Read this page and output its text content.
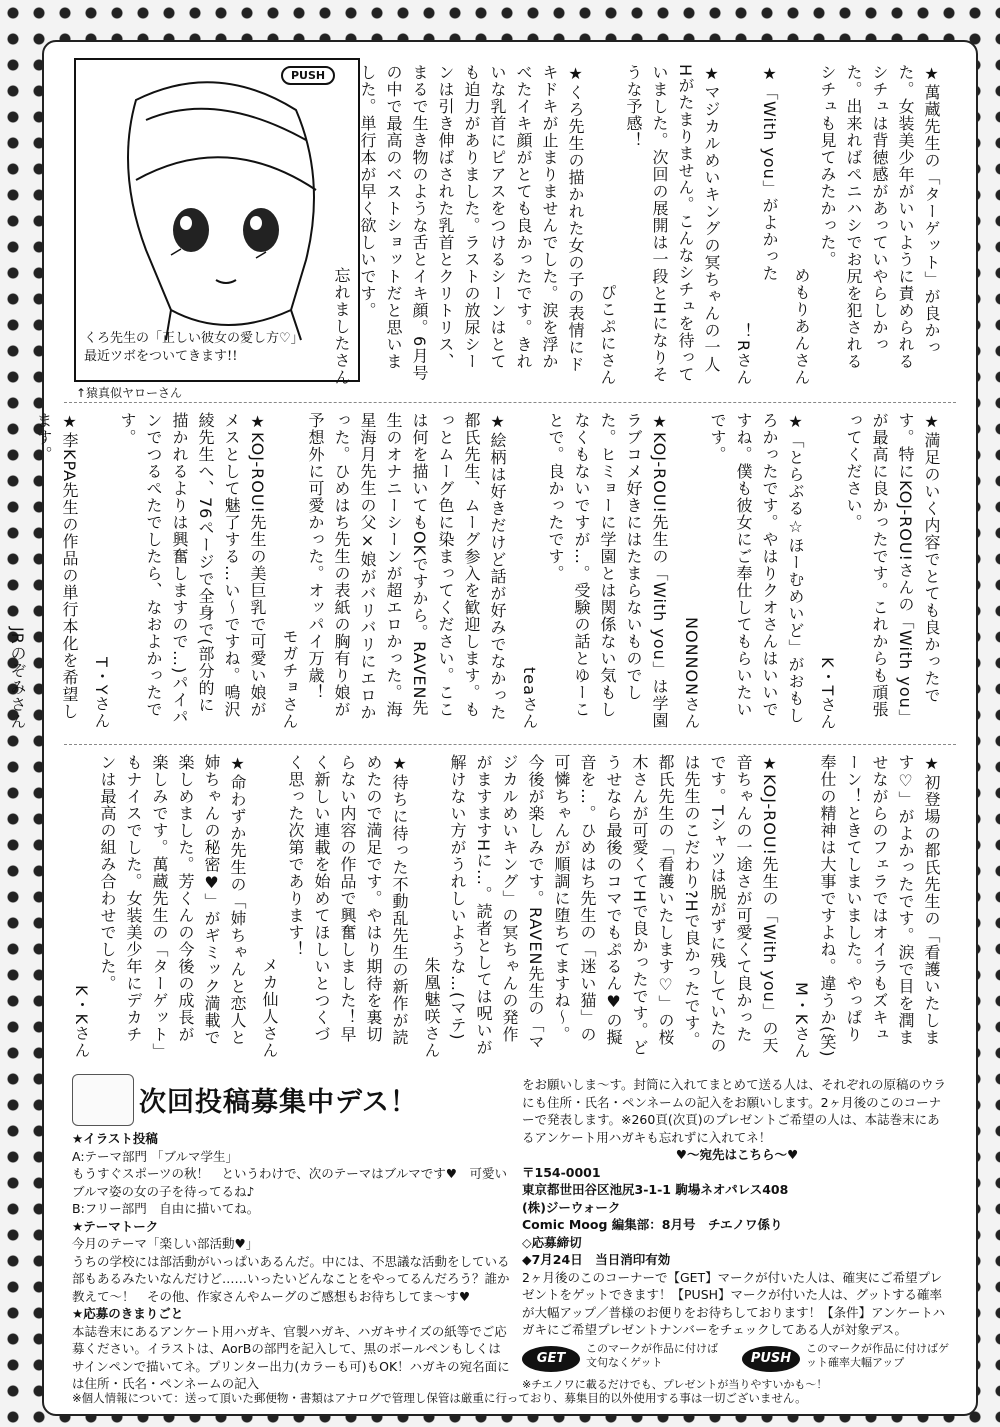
PUSH
くろ先生の「正しい彼女の愛し方♡」
最近ツボをついてきます!!
↑猿真似ヤローさん

★萬蔵先生の「ターゲット」が良かった。女装美少年がいいように責められるシチュは背徳感があっていやらしかった。出来ればペニハシでお尻を犯されるシチュも見てみたかった。

めもりあんさん

★「With you」がよかった

！Rさん

★マジカルめいキングの冥ちゃんの一人Hがたまりません。こんなシチュを待っていました。次回の展開は一段とHになりそうな予感！

ぴこぷにさん

★くろ先生の描かれた女の子の表情にドキドキが止まりませんでした。涙を浮かべたイキ顔がとても良かったです。きれいな乳首にピアスをつけるシーンはとても迫力がありました。ラストの放尿シーンは引き伸ばされた乳首とクリトリス、まるで生き物のような舌とイキ顔。6月号の中で最高のベストショットだと思いました。単行本が早く欲しいです。

忘れましたさん

★満足のいく内容でとても良かったです。特にKOJ-ROU!さんの「With you」が最高に良かったです。これからも頑張ってください。

K・Tさん

★「とらぶる☆ほーむめいど」がおもしろかったです。やはりクオさんはいいですね。僕も彼女にご奉仕してもらいたいです。

NONNONさん

★KOJ-ROU!先生の「With you」は学園ラブコメ好きにはたまらないものでした。ヒミョーに学園とは関係ない気もしなくもないですが…。受験の話とゆーことで。良かったです。

teaさん

★絵柄は好きだけど話が好みでなかった都氏先生、ムーグ参入を歓迎します。もっとムーグ色に染まってください。ここは何を描いてもOKですから。RAVEN先生のオナニーシーンが超エロかった。海星海月先生の父×娘がバリバリにエロかった。ひめはち先生の表紙の胸有り娘が予想外に可愛かった。オッパイ万歳！

モガチョさん

★KOJ-ROU!先生の美巨乳で可愛い娘がメスとして魅了する…い〜ですね。鳴沢綾先生へ、76ページで全身で(部分的に描かれるよりは興奮しますので…)パイパンでつるぺたでしたら、なおよかったです。

T・Yさん

★李KPA先生の作品の単行本化を希望します。

JRのぞみさん

★初登場の都氏先生の「看護いたします♡」がよかったです。涙で目を潤ませながらのフェラではオイラもズキューン！ときてしまいました。やっぱり奉仕の精神は大事ですよね。違うか(笑)

M・Kさん

★KOJ-ROU!先生の「With you」の天音ちゃんの一途さが可愛くて良かったです。Tシャツは脱がずに残していたのは先生のこだわり?Hで良かったです。都氏先生の「看護いたします♡」の桜木さんが可愛くてHで良かったです。どうせなら最後のコマでもぷるん♥の擬音を…。ひめはち先生の「迷い猫」の可憐ちゃんが順調に堕ちてますね〜。今後が楽しみです。RAVEN先生の「マジカルめいキング」の冥ちゃんの発作がますますHに…。読者としては呪いが解けない方がうれしいような…(マテ)

朱凰魅咲さん

★待ちに待った不動乱先生の新作が読めたので満足です。やはり期待を裏切らない内容の作品で興奮しました！早く新しい連載を始めてほしいとつくづく思った次第であります！

メカ仙人さん

★命わずか先生の「姉ちゃんと恋人と姉ちゃんの秘密♥」がギミック満載で楽しめました。芳くんの今後の成長が楽しみです。萬蔵先生の「ターゲット」もナイスでした。女装美少年にデカチンは最高の組み合わせでした。

K・Kさん
次回投稿募集中デス！
★イラスト投稿
A:テーマ部門 「ブルマ学生」
もうすぐスポーツの秋！　というわけで、次のテーマはブルマです♥　可愛いブルマ姿の女の子を待ってるね♪
B:フリー部門　自由に描いてね。
★テーマトーク
今月のテーマ「楽しい部活動♥」
うちの学校には部活動がいっぱいあるんだ。中には、不思議な活動をしている部もあるみたいなんだけど……いったいどんなことをやってるんだろう？誰か教えて〜！　その他、作家さんやムーグのご感想もお待ちしてま〜す♥
★応募のきまりごと
本誌巻末にあるアンケート用ハガキ、官製ハガキ、ハガキサイズの紙等でご応募ください。イラストは、AorBの部門を記入して、黒のボールペンもしくはサインペンで描いてネ。プリンター出力(カラーも可)もOK！ハガキの宛名面には住所・氏名・ペンネームの記入
をお願いしま〜す。封筒に入れてまとめて送る人は、それぞれの原稿のウラにも住所・氏名・ペンネームの記入をお願いします。2ヶ月後のこのコーナーで発表します。※260頁(次頁)のプレゼントご希望の人は、本誌巻末にあるアンケート用ハガキも忘れずに入れてネ！
♥〜宛先はこちら〜♥
〒154-0001
東京都世田谷区池尻3-1-1 駒場ネオパレス408
(株)ジーウォーク
Comic Moog 編集部：8月号　チエノワ係り
◇応募締切
◆7月24日　当日消印有効
2ヶ月後のこのコーナーで【GET】マークが付いた人は、確実にご希望プレゼントをゲットできます！【PUSH】マークが付いた人は、グットする確率が大幅アップ／普様のお便りをお待ちしております！【条件】アンケートハガキにご希望プレゼントナンバーをチェックしてある人が対象デス。
GET
このマークが作品に付けば文句なくゲット	PUSH
このマークが作品に付けばゲット確率大幅アップ
※チエノワに載るだけでも、プレゼントが当りやすいかも〜！
※個人情報について：送って頂いた郵便物・書類はアナログで管理し保管は厳重に行っており、募集目的以外使用する事は一切ございません。
